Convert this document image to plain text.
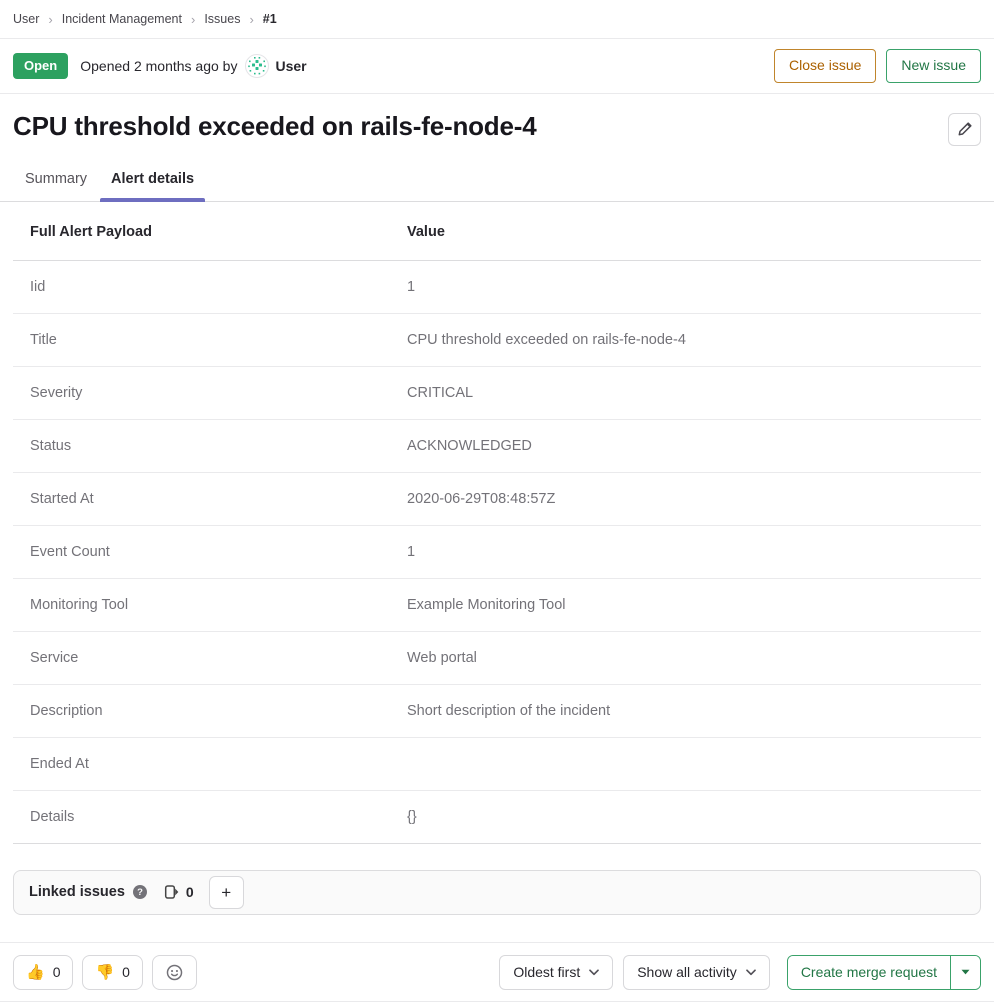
User › Incident Management › Issues › #1
Open	Opened 2 months ago by	User	Close issue	New issue
CPU threshold exceeded on rails-fe-node-4
Summary	Alert details
Full Alert Payload	Value
Iid	1
Title	CPU threshold exceeded on rails-fe-node-4
Severity	CRITICAL
Status	ACKNOWLEDGED
Started At	2020-06-29T08:48:57Z
Event Count	1
Monitoring Tool	Example Monitoring Tool
Service	Web portal
Description	Short description of the incident
Ended At	
Details	{}
Linked issues ?	0	+
👍 0 👎 0	Oldest first	Show all activity	Create merge request
